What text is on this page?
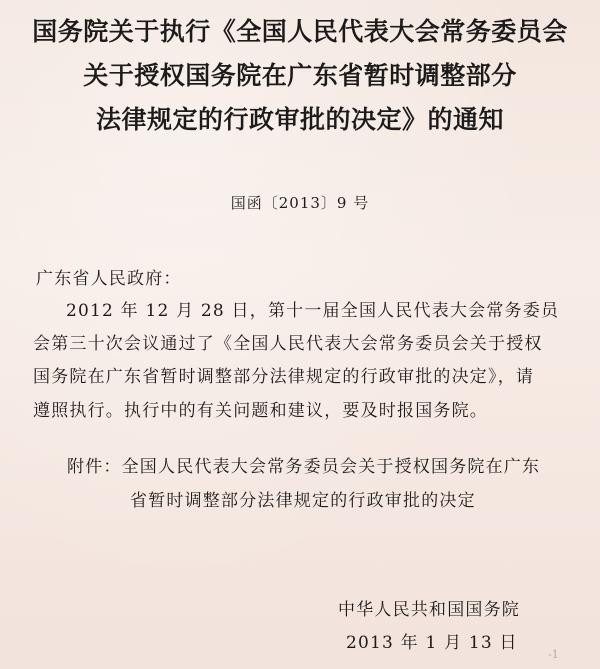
国务院关于执行《全国人民代表大会常务委员会
关于授权国务院在广东省暂时调整部分
法律规定的行政审批的决定》的通知
国函〔2013〕9 号
广东省人民政府：
2012 年 12 月 28 日，第十一届全国人民代表大会常务委员
会第三十次会议通过了《全国人民代表大会常务委员会关于授权
国务院在广东省暂时调整部分法律规定的行政审批的决定》，请
遵照执行。执行中的有关问题和建议，要及时报国务院。
附件：全国人民代表大会常务委员会关于授权国务院在广东
省暂时调整部分法律规定的行政审批的决定
中华人民共和国国务院
2013 年 1 月 13 日
-1
